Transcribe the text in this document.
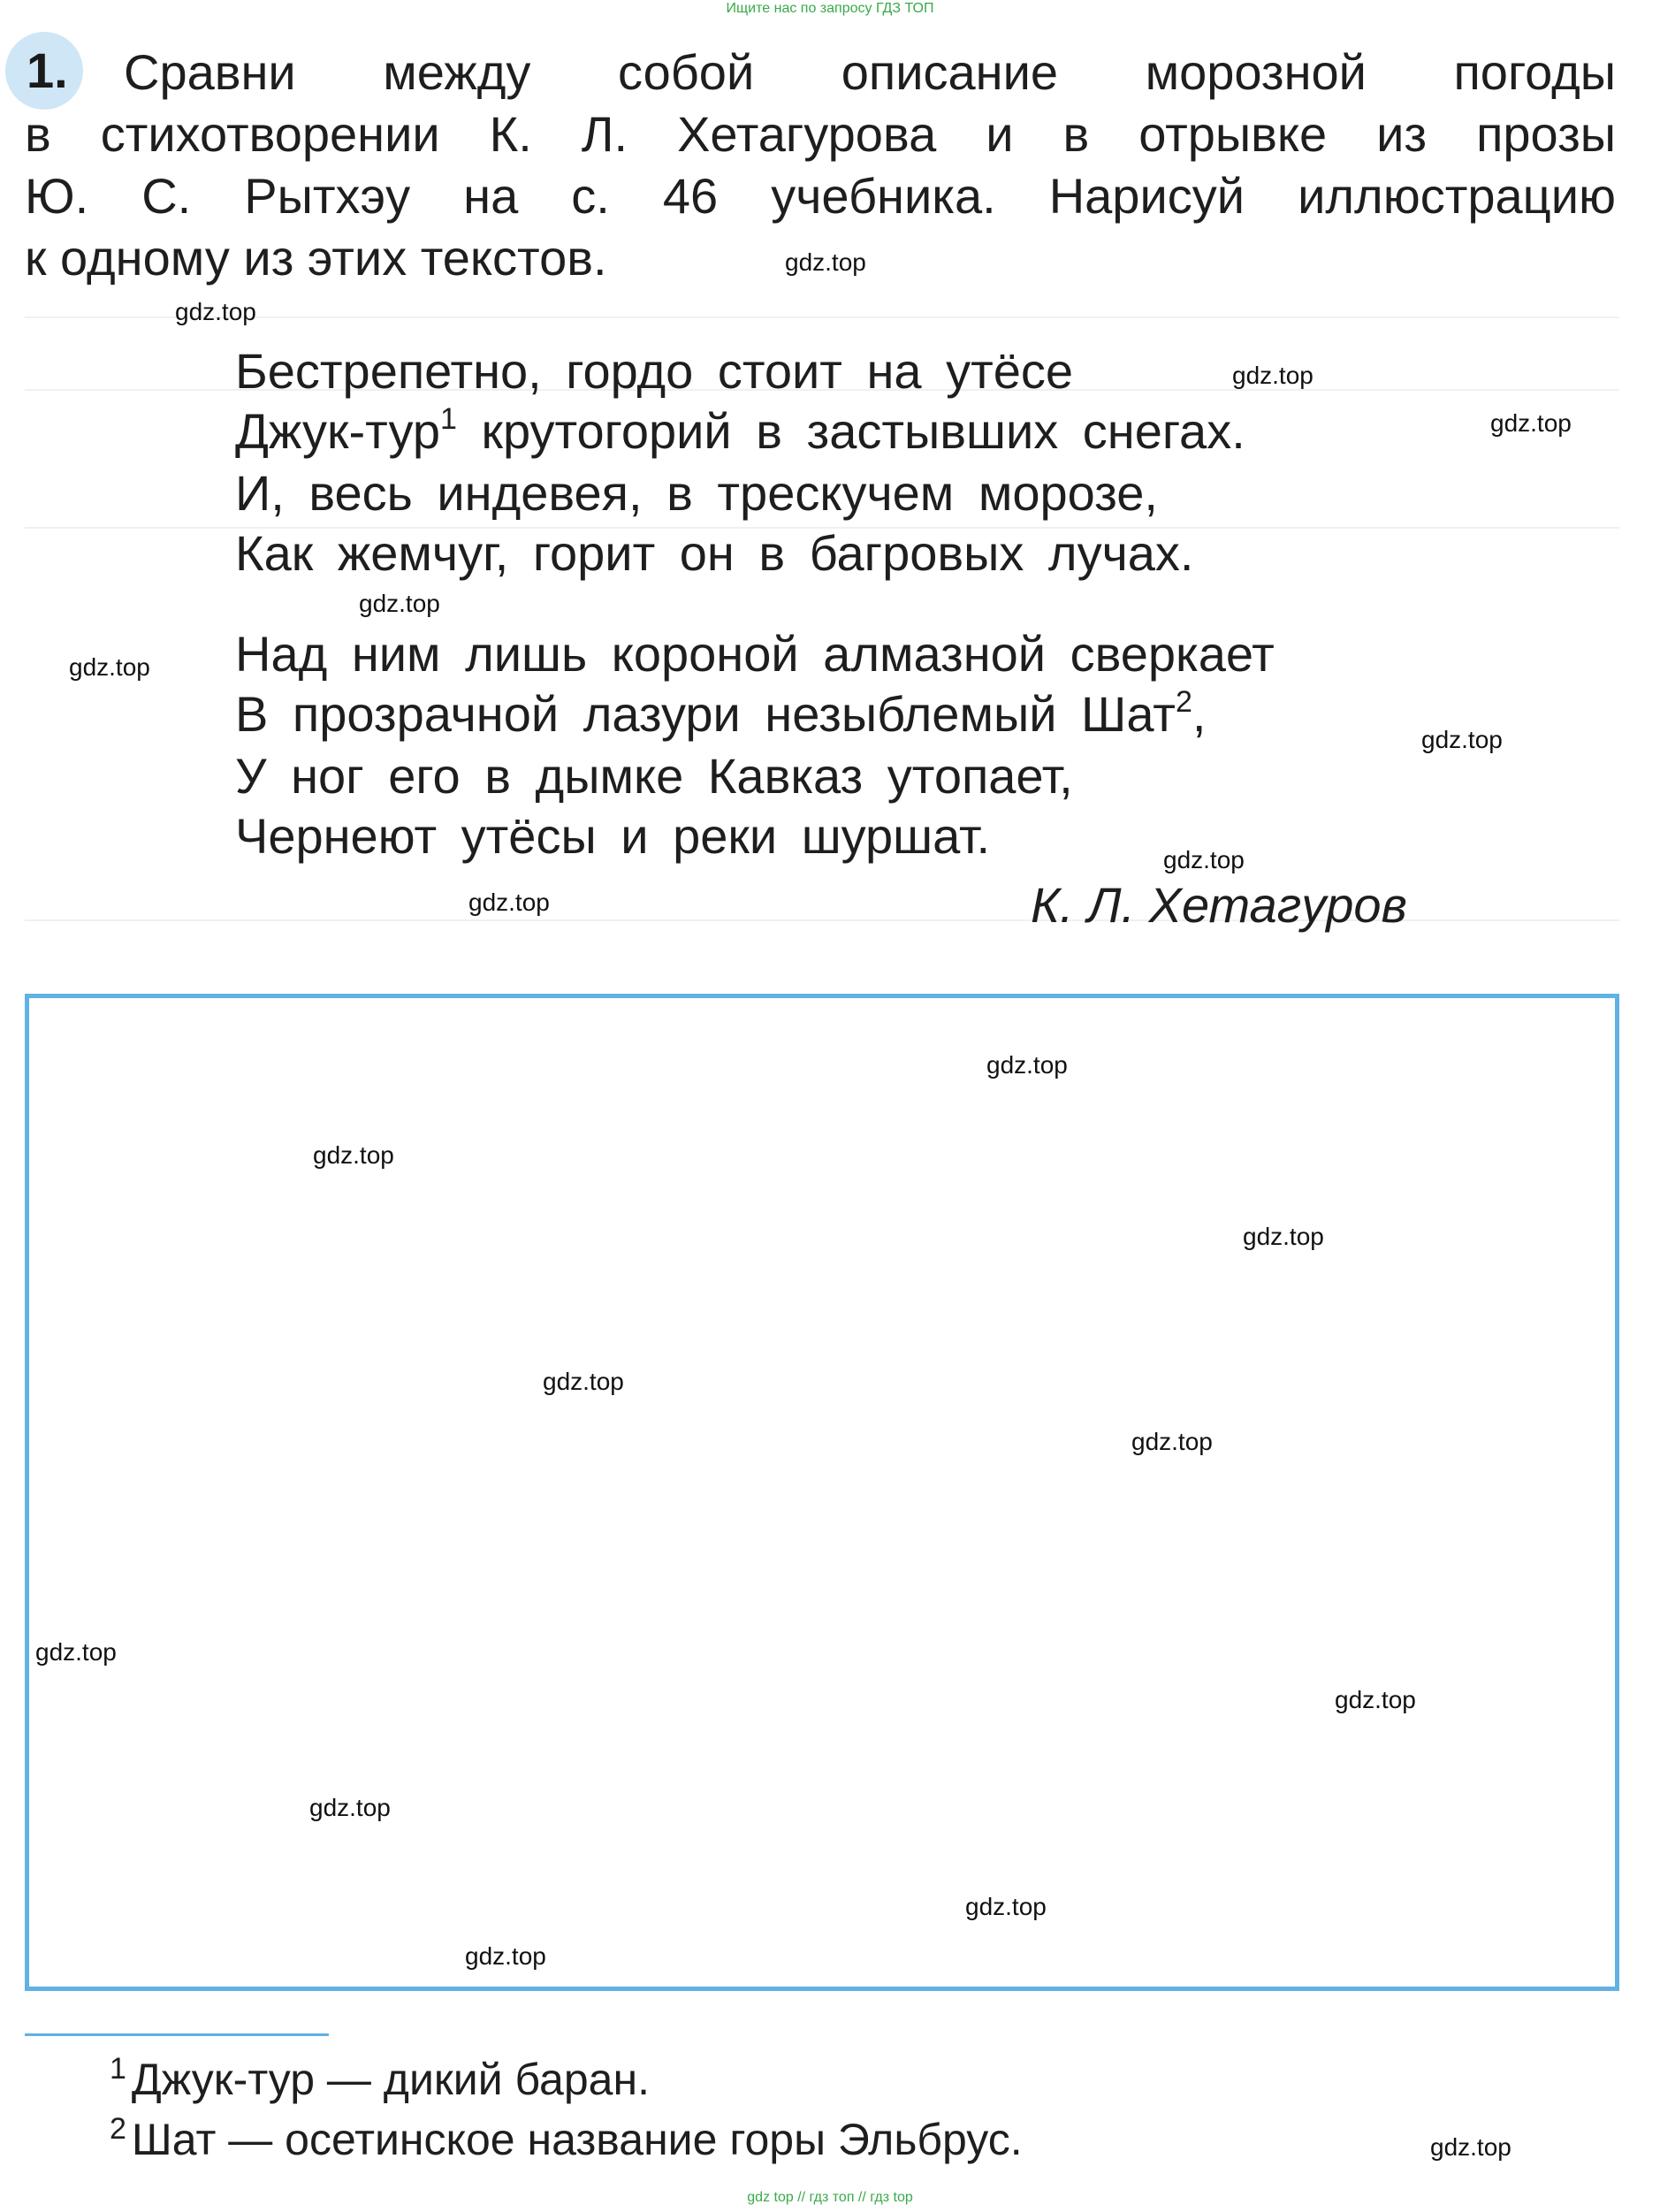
Ищите нас по запросу ГДЗ ТОП
1. Сравни между собой описание морозной погоды
в стихотворении К. Л. Хетагурова и в отрывке из прозы
Ю. С. Рытхэу на с. 46 учебника. Нарисуй иллюстрацию
к одному из этих текстов.
Бестрепетно, гордо стоит на утёсе
Джук-тур$^1$ крутогорий в застывших снегах.
И, весь индевея, в трескучем морозе,
Как жемчуг, горит он в багровых лучах.
Над ним лишь короной алмазной сверкает
В прозрачной лазури незыблемый Шат$^2$,
У ног его в дымке Кавказ утопает,
Чернеют утёсы и реки шуршат.
К. Л. Хетагуров
$^1$ Джук-тур — дикий баран.
$^2$ Шат — осетинское название горы Эльбрус.
gdz.top
gdz.top
gdz.top
gdz.top
gdz.top
gdz.top
gdz.top
gdz.top
gdz.top
gdz.top
gdz.top
gdz.top
gdz.top
gdz.top
gdz.top
gdz.top
gdz.top
gdz.top
gdz.top
gdz.top
gdz top // гдз топ // гдз top
